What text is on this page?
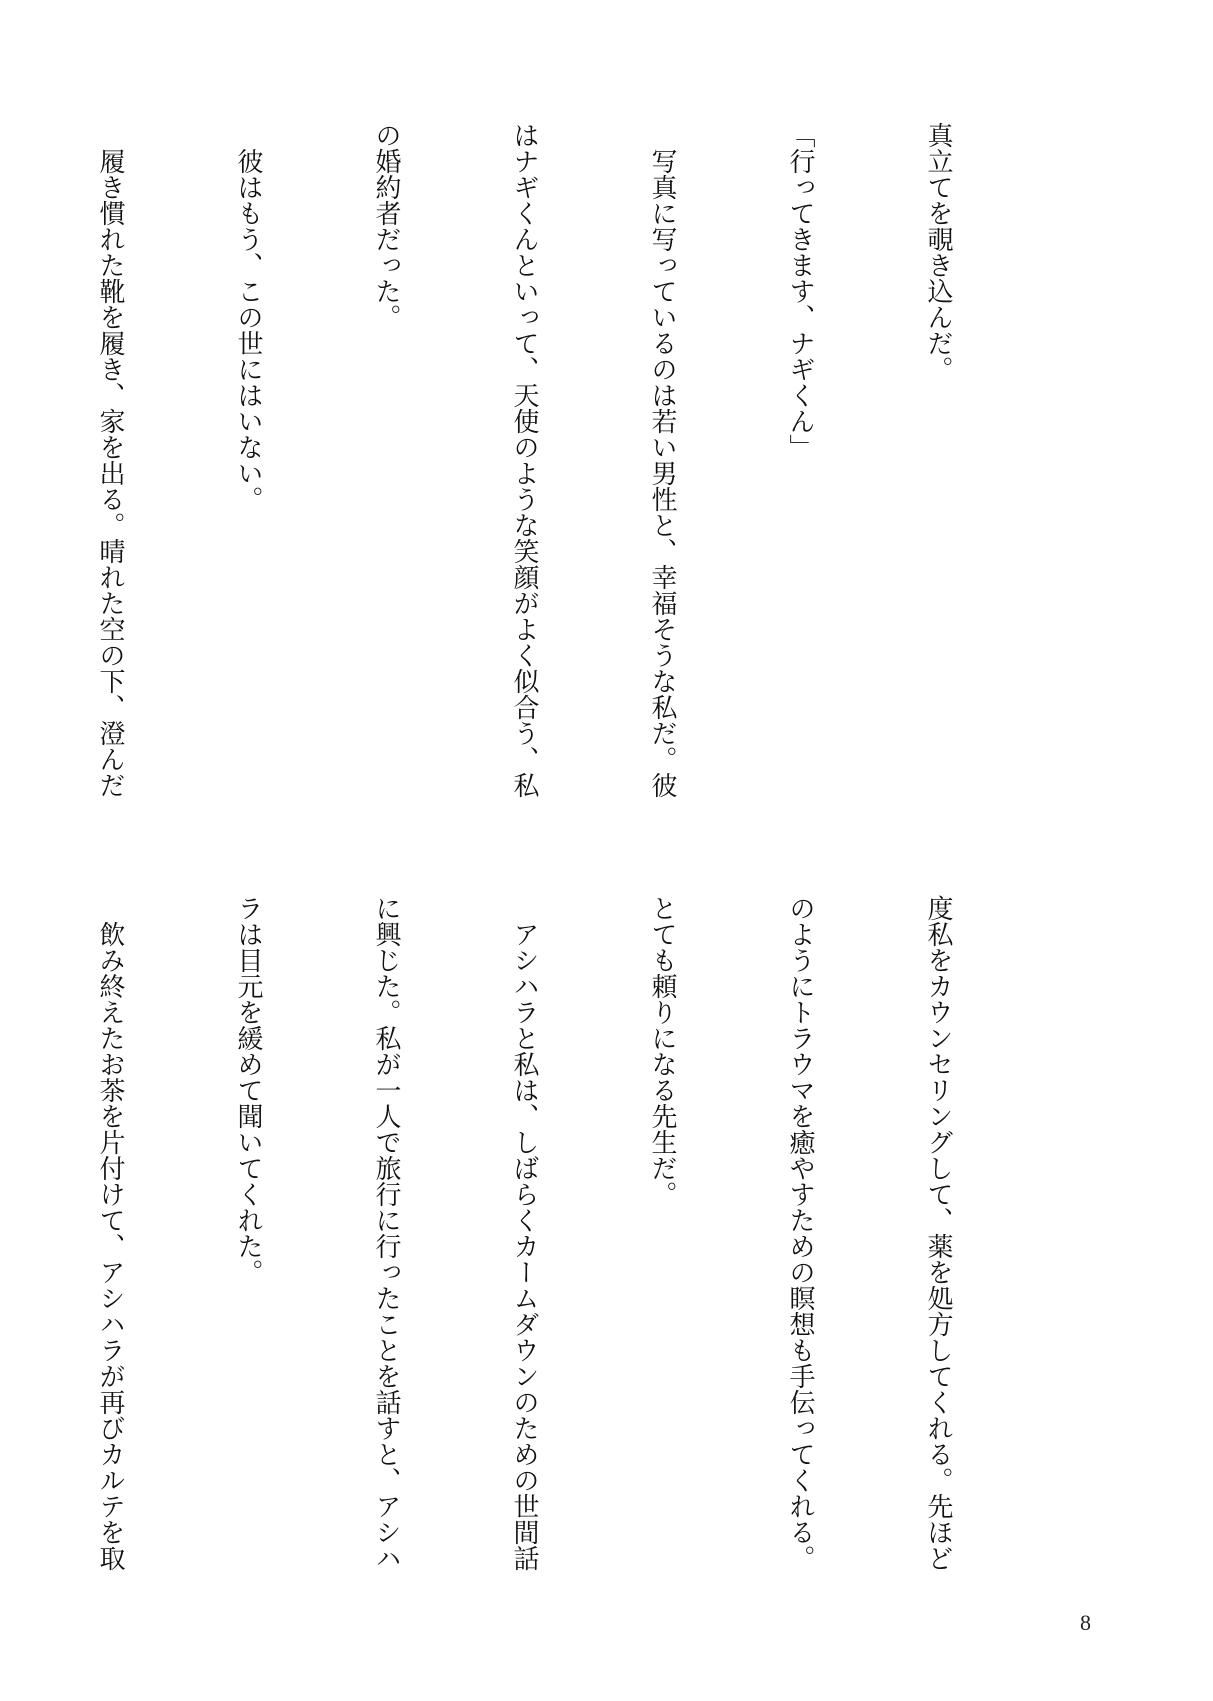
真立てを覗き込んだ。

「行ってきます、ナギくん」

　写真に写っているのは若い男性と、幸福そうな私だ。彼

はナギくんといって、天使のような笑顔がよく似合う、私

の婚約者だった。

　彼はもう、この世にはいない。

　履き慣れた靴を履き、家を出る。晴れた空の下、澄んだ

度私をカウンセリングして、薬を処方してくれる。先ほど

のようにトラウマを癒やすための瞑想も手伝ってくれる。

とても頼りになる先生だ。

　アシハラと私は、しばらくカームダウンのための世間話

に興じた。私が一人で旅行に行ったことを話すと、アシハ

ラは目元を緩めて聞いてくれた。

　飲み終えたお茶を片付けて、アシハラが再びカルテを取

8
